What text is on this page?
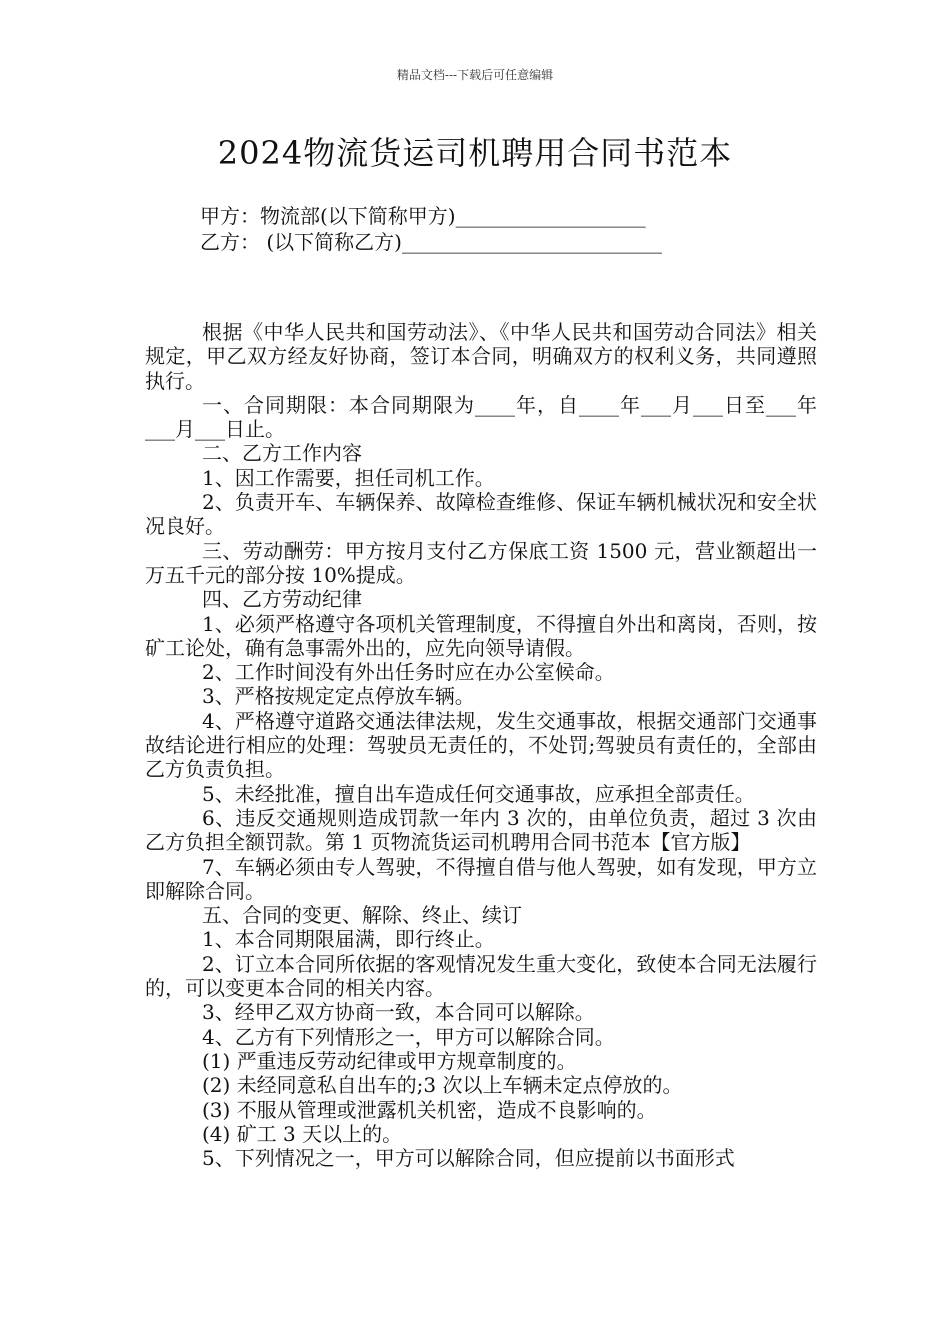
精品文档---下载后可任意编辑
2024物流货运司机聘用合同书范本
甲方：物流部(以下简称甲方)___________________
乙方： (以下简称乙方)__________________________

根据《中华人民共和国劳动法》、《中华人民共和国劳动合同法》相关规定，甲乙双方经友好协商，签订本合同，明确双方的权利义务，共同遵照执行。

一、合同期限：本合同期限为____年，自____年___月___日至___年___月___日止。

二、乙方工作内容

1、因工作需要，担任司机工作。

2、负责开车、车辆保养、故障检查维修、保证车辆机械状况和安全状况良好。

三、劳动酬劳：甲方按月支付乙方保底工资 1500 元，营业额超出一万五千元的部分按 10%提成。

四、乙方劳动纪律

1、必须严格遵守各项机关管理制度，不得擅自外出和离岗，否则，按矿工论处，确有急事需外出的，应先向领导请假。

2、工作时间没有外出任务时应在办公室候命。

3、严格按规定定点停放车辆。

4、严格遵守道路交通法律法规，发生交通事故，根据交通部门交通事故结论进行相应的处理：驾驶员无责任的，不处罚;驾驶员有责任的，全部由乙方负责负担。

5、未经批准，擅自出车造成任何交通事故，应承担全部责任。

6、违反交通规则造成罚款一年内 3 次的，由单位负责，超过 3 次由乙方负担全额罚款。第 1 页物流货运司机聘用合同书范本【官方版】

7、车辆必须由专人驾驶，不得擅自借与他人驾驶，如有发现，甲方立即解除合同。

五、合同的变更、解除、终止、续订

1、本合同期限届满，即行终止。

2、订立本合同所依据的客观情况发生重大变化，致使本合同无法履行的，可以变更本合同的相关内容。

3、经甲乙双方协商一致，本合同可以解除。

4、乙方有下列情形之一，甲方可以解除合同。

(1) 严重违反劳动纪律或甲方规章制度的。

(2) 未经同意私自出车的;3 次以上车辆未定点停放的。

(3) 不服从管理或泄露机关机密，造成不良影响的。

(4) 矿工 3 天以上的。

5、下列情况之一，甲方可以解除合同，但应提前以书面形式
